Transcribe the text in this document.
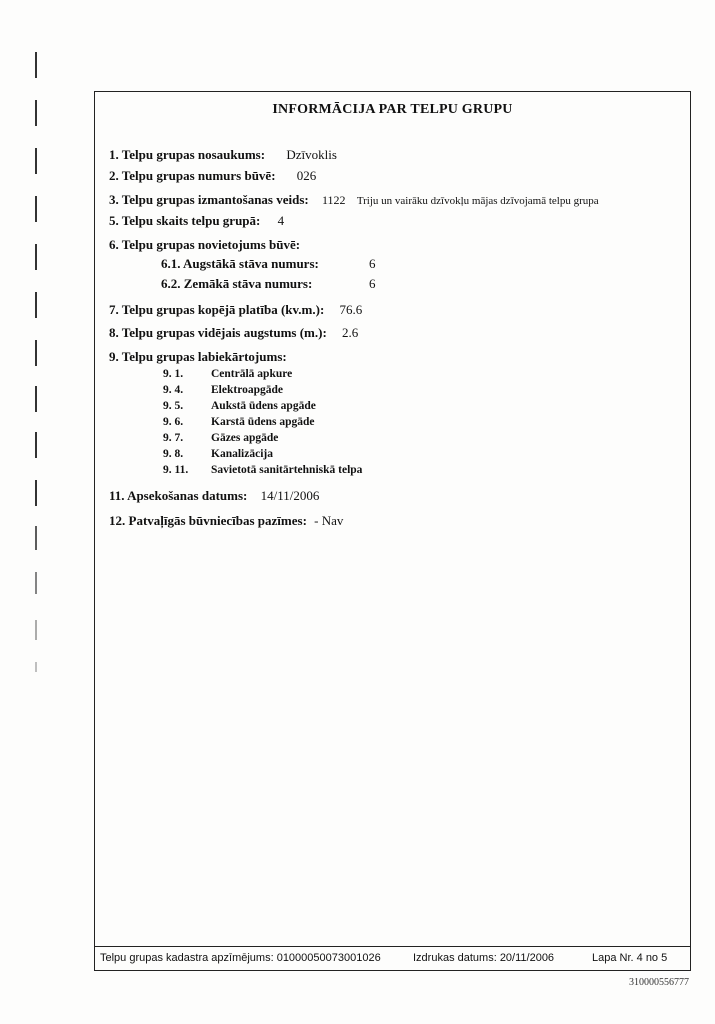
INFORMĀCIJA PAR TELPU GRUPU
1. Telpu grupas nosaukums: Dzīvoklis
2. Telpu grupas numurs būvē: 026
3. Telpu grupas izmantošanas veids: 1122 Triju un vairāku dzīvokļu mājas dzīvojamā telpu grupa
5. Telpu skaits telpu grupā: 4
6. Telpu grupas novietojums būvē:
6.1. Augstākā stāva numurs:	6
6.2. Zemākā stāva numurs:	6
7. Telpu grupas kopējā platība (kv.m.): 76.6
8. Telpu grupas vidējais augstums (m.): 2.6
9. Telpu grupas labiekārtojums:
9. 1. Centrālā apkure
9. 4. Elektroapgāde
9. 5. Aukstā ūdens apgāde
9. 6. Karstā ūdens apgāde
9. 7. Gāzes apgāde
9. 8. Kanalizācija
9. 11. Savietotā sanitārtehniskā telpa
11. Apsekošanas datums: 14/11/2006
12. Patvaļīgās būvniecības pazīmes: - Nav
Telpu grupas kadastra apzīmējums: 01000050073001026	Izdrukas datums: 20/11/2006	Lapa Nr. 4 no 5
310000556777
